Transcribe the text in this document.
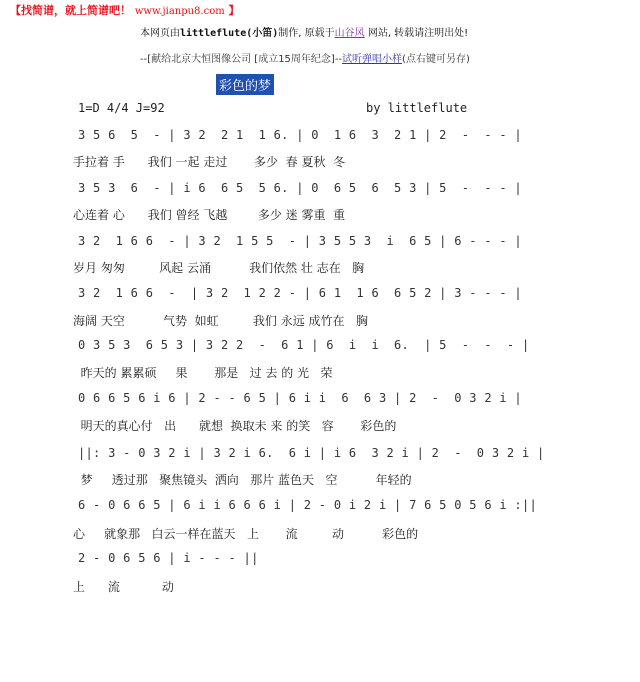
【找简谱，就上简谱吧！ www.jianpu8.com 】
本网页由littleflute(小笛)制作, 原载于山谷风 网站, 转载请注明出处!
--[献给北京大恒图像公司 [成立15周年纪念]--试听弹唱小样(点右键可另存)
彩色的梦
1=D 4/4 J=92	by littleflute
3 5 6  5  - | 3 2  2 1  1 6. | 0  1 6  3  2 1 | 2  -  - - |
手拉着 手      我们 一起 走过       多少  春 夏秋  冬
3 5 3  6  - | i 6  6 5  5 6. | 0  6 5  6  5 3 | 5  -  - - |
心连着 心      我们 曾经 飞越        多少 迷 雾重  重
3 2  1 6 6  - | 3 2  1 5 5  - | 3 5 5 3  i  6 5 | 6 - - - |
岁月 匆匆         风起 云涌          我们依然 壮 志在   胸
3 2  1 6 6  -  | 3 2  1 2 2 - | 6 1  1 6  6 5 2 | 3 - - - |
海阔 天空          气势  如虹         我们 永远 成竹在   胸
0 3 5 3  6 5 3 | 3 2 2  -  6 1 | 6  i  i  6.  | 5  -  -  - |
昨天的 累累硕     果       那是   过 去 的 光   荣
0 6 6 5 6 i 6 | 2 - - 6 5 | 6 i i  6  6 3 | 2  -  0 3 2 i |
明天的真心付   出      就想  换取未 来 的笑   容       彩色的
||: 3 - 0 3 2 i | 3 2 i 6.  6 i | i 6  3 2 i | 2  -  0 3 2 i |
梦     透过那   聚焦镜头  洒向   那片 蓝色天   空          年轻的
6 - 0 6 6 5 | 6 i i 6 6 6 i | 2 - 0 i 2 i | 7 6 5 0 5 6 i :||
心     就象那   白云一样在蓝天   上       流         动          彩色的
2 - 0 6 5 6 | i - - - ||
上      流           动
